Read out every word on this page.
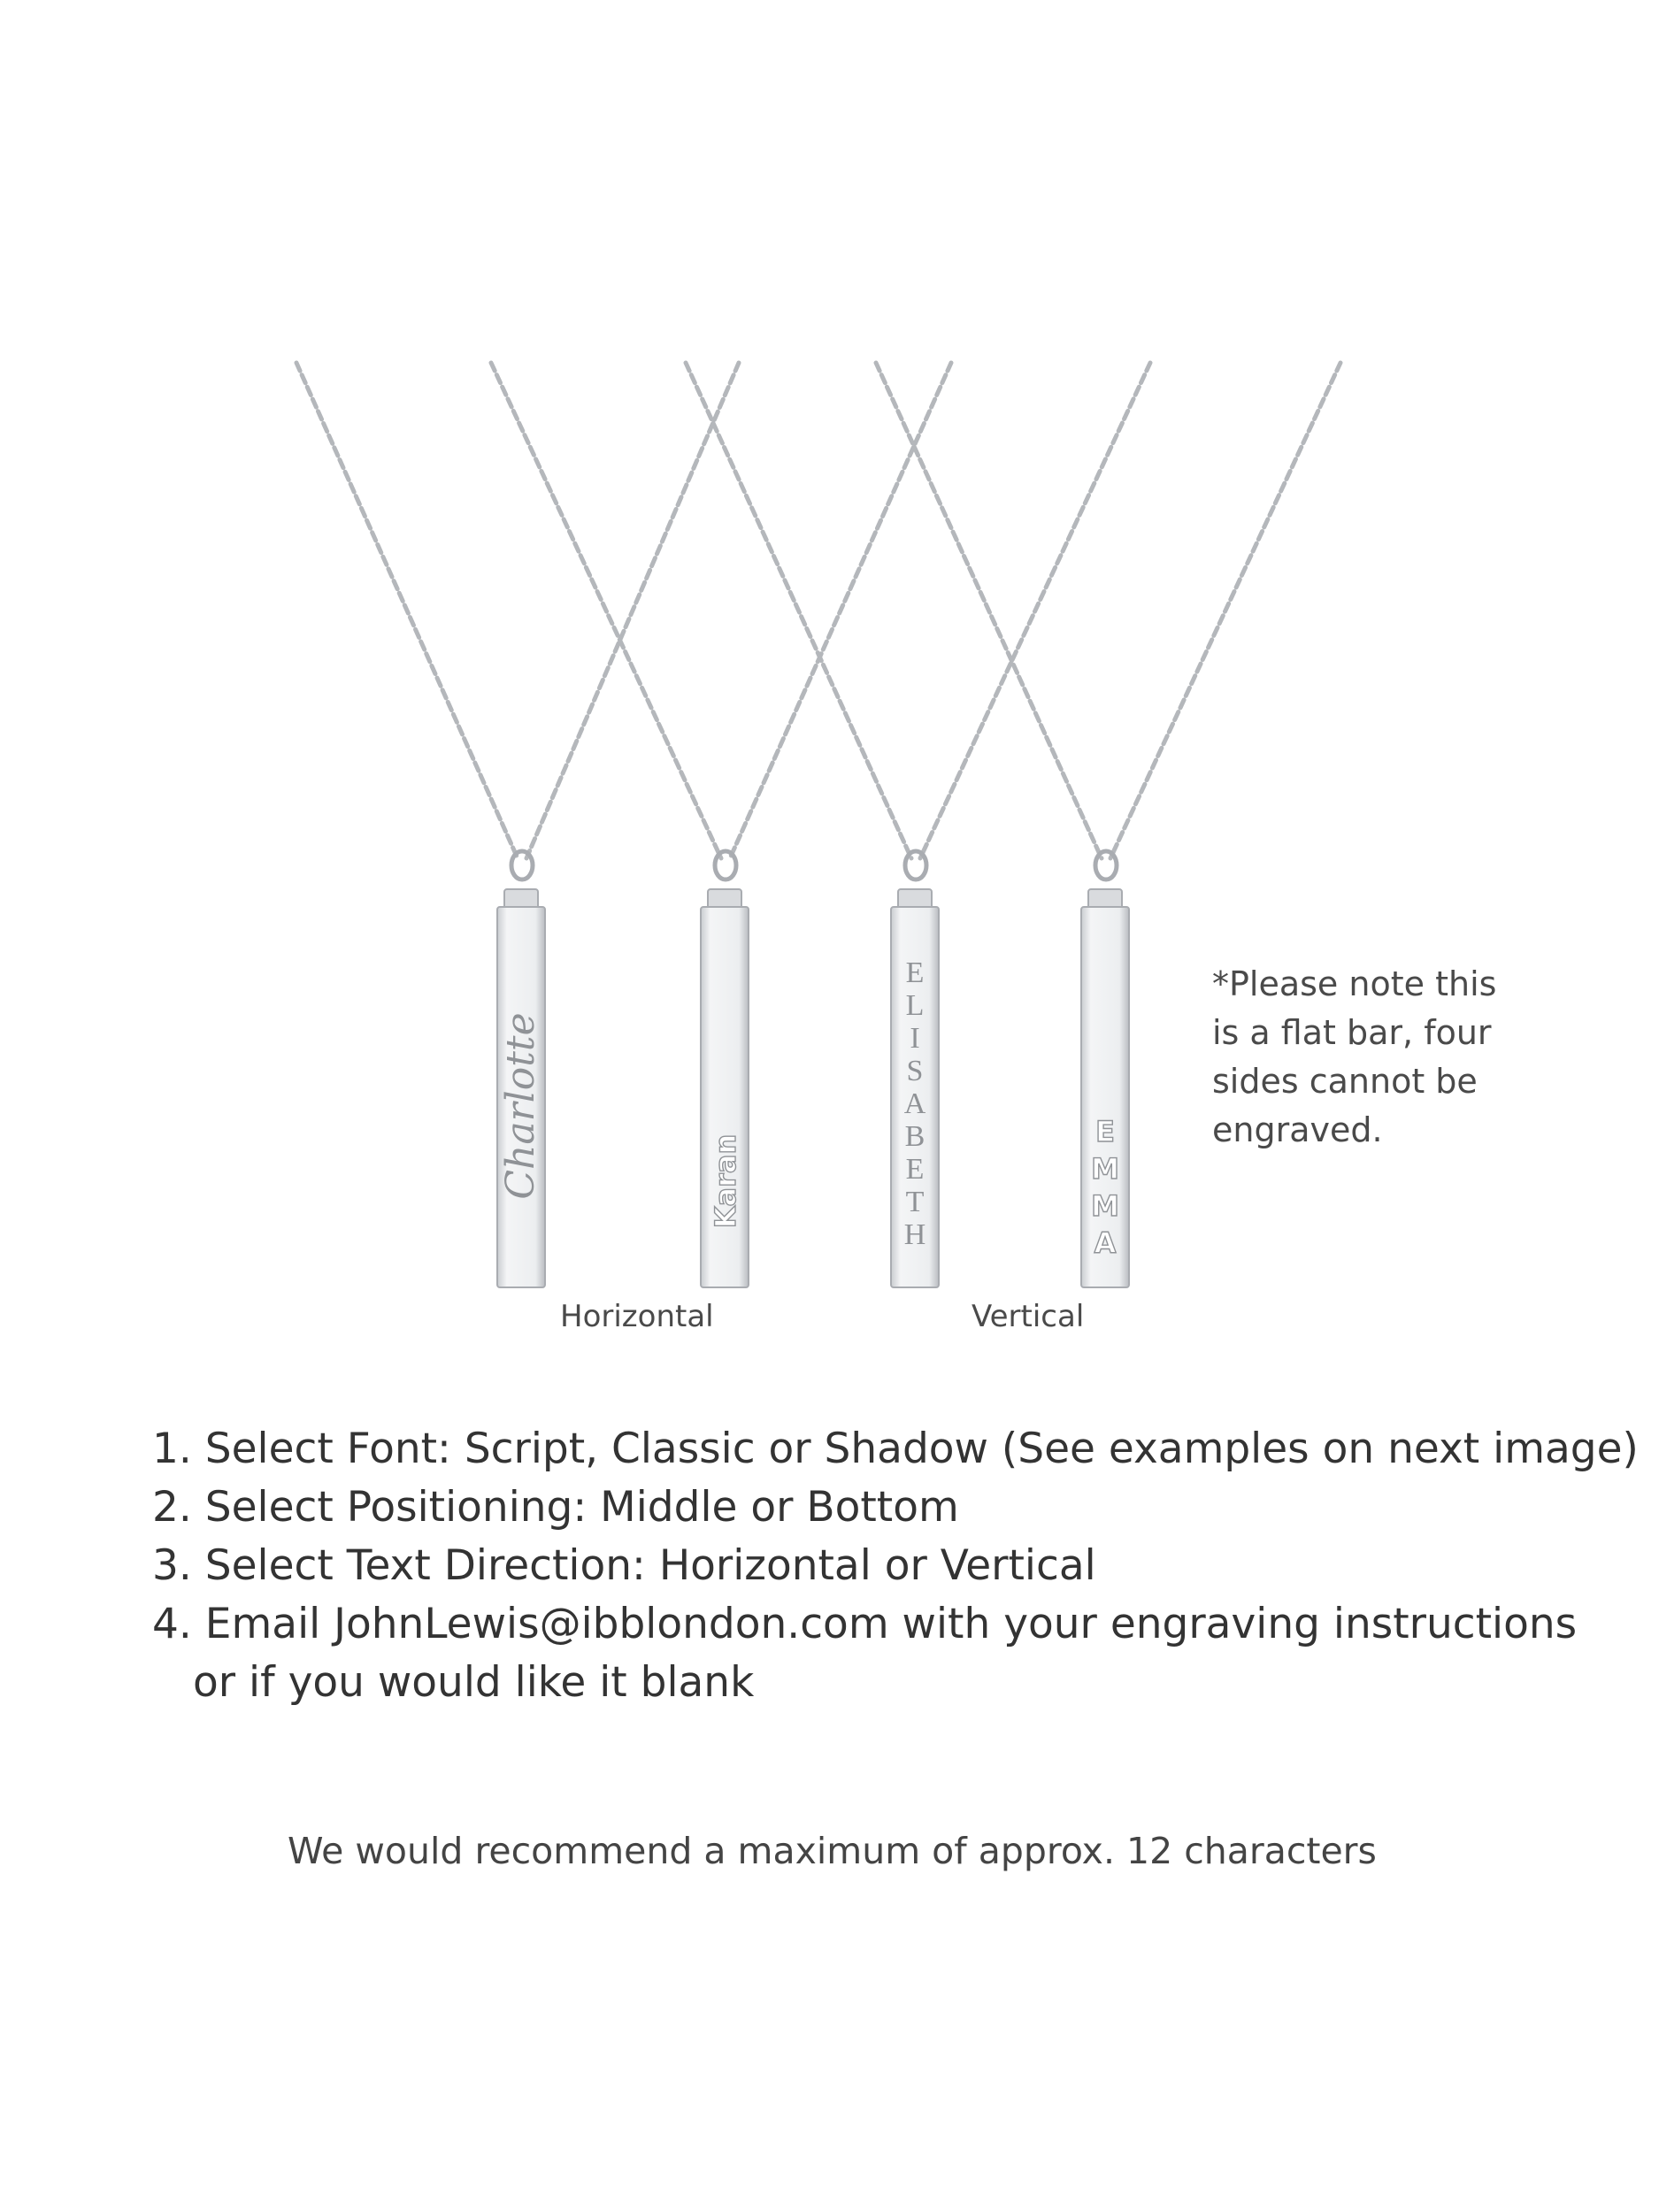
Charlotte	Karan
E
L
I
S
A
B
E
T
H
E
M
M
A
Horizontal	Vertical
*Please note this
is a flat bar, four
sides cannot be
engraved.
1. Select Font: Script, Classic or Shadow (See examples on next image)
2. Select Positioning: Middle or Bottom
3. Select Text Direction: Horizontal or Vertical
4. Email JohnLewis@ibblondon.com with your engraving instructions
or if you would like it blank
We would recommend a maximum of approx. 12 characters
